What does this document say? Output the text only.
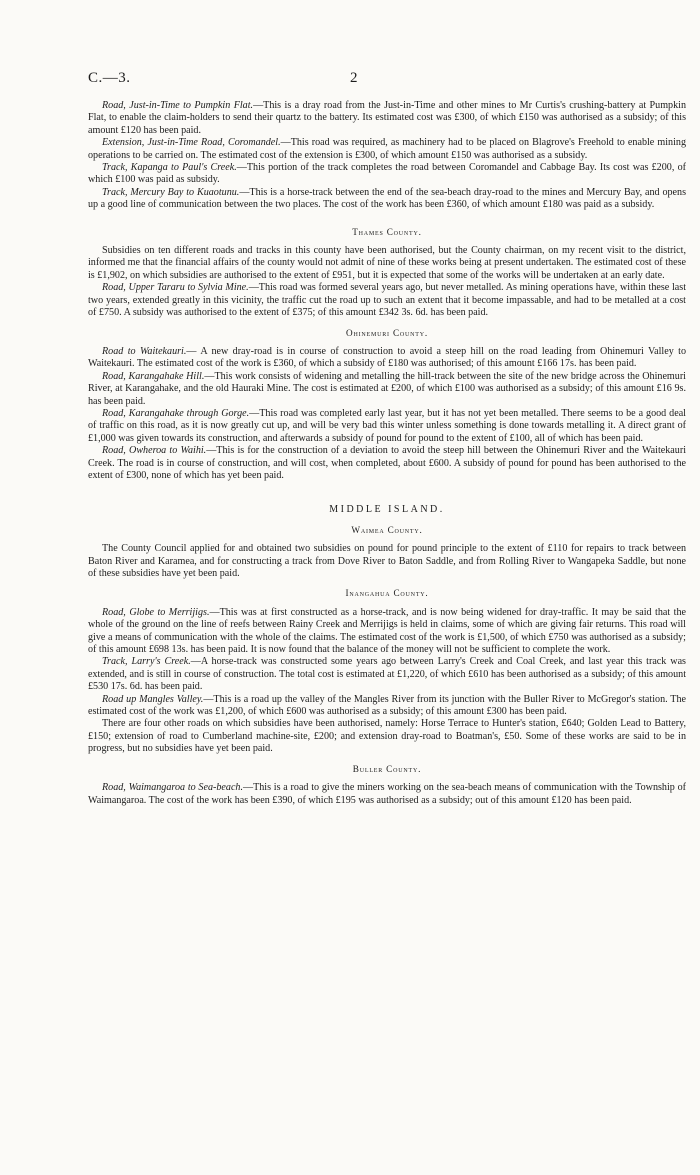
C.—3.	2

Road, Just-in-Time to Pumpkin Flat.—This is a dray road from the Just-in-Time and other mines to Mr Curtis's crushing-battery at Pumpkin Flat, to enable the claim-holders to send their quartz to the battery. Its estimated cost was £300, of which £150 was authorised as a subsidy; of this amount £120 has been paid.

Extension, Just-in-Time Road, Coromandel.—This road was required, as machinery had to be placed on Blagrove's Freehold to enable mining operations to be carried on. The estimated cost of the extension is £300, of which amount £150 was authorised as a subsidy.

Track, Kapanga to Paul's Creek.—This portion of the track completes the road between Coromandel and Cabbage Bay. Its cost was £200, of which £100 was paid as subsidy.

Track, Mercury Bay to Kuaotunu.—This is a horse-track between the end of the sea-beach dray-road to the mines and Mercury Bay, and opens up a good line of communication between the two places. The cost of the work has been £360, of which amount £180 was paid as a subsidy.

Thames County.

Subsidies on ten different roads and tracks in this county have been authorised, but the County chairman, on my recent visit to the district, informed me that the financial affairs of the county would not admit of nine of these works being at present undertaken. The estimated cost of these is £1,902, on which subsidies are authorised to the extent of £951, but it is expected that some of the works will be undertaken at an early date.

Road, Upper Tararu to Sylvia Mine.—This road was formed several years ago, but never metalled. As mining operations have, within these last two years, extended greatly in this vicinity, the traffic cut the road up to such an extent that it become impassable, and had to be metalled at a cost of £750. A subsidy was authorised to the extent of £375; of this amount £342 3s. 6d. has been paid.

Ohinemuri County.

Road to Waitekauri.— A new dray-road is in course of construction to avoid a steep hill on the road leading from Ohinemuri Valley to Waitekauri. The estimated cost of the work is £360, of which a subsidy of £180 was authorised; of this amount £166 17s. has been paid.

Road, Karangahake Hill.—This work consists of widening and metalling the hill-track between the site of the new bridge across the Ohinemuri River, at Karangahake, and the old Hauraki Mine. The cost is estimated at £200, of which £100 was authorised as a subsidy; of this amount £16 9s. has been paid.

Road, Karangahake through Gorge.—This road was completed early last year, but it has not yet been metalled. There seems to be a good deal of traffic on this road, as it is now greatly cut up, and will be very bad this winter unless something is done towards metalling it. A direct grant of £1,000 was given towards its construction, and afterwards a subsidy of pound for pound to the extent of £100, all of which has been paid.

Road, Owheroa to Waihi.—This is for the construction of a deviation to avoid the steep hill between the Ohinemuri River and the Waitekauri Creek. The road is in course of construction, and will cost, when completed, about £600. A subsidy of pound for pound has been authorised to the extent of £300, none of which has yet been paid.

MIDDLE ISLAND.
Waimea County.

The County Council applied for and obtained two subsidies on pound for pound principle to the extent of £110 for repairs to track between Baton River and Karamea, and for constructing a track from Dove River to Baton Saddle, and from Rolling River to Wangapeka Saddle, but none of these subsidies have yet been paid.

Inangahua County.

Road, Globe to Merrijigs.—This was at first constructed as a horse-track, and is now being widened for dray-traffic. It may be said that the whole of the ground on the line of reefs between Rainy Creek and Merrijigs is held in claims, some of which are giving fair returns. This road will give a means of communication with the whole of the claims. The estimated cost of the work is £1,500, of which £750 was authorised as a subsidy; of this amount £698 13s. has been paid. It is now found that the balance of the money will not be sufficient to complete the work.

Track, Larry's Creek.—A horse-track was constructed some years ago between Larry's Creek and Coal Creek, and last year this track was extended, and is still in course of construction. The total cost is estimated at £1,220, of which £610 has been authorised as a subsidy; of this amount £530 17s. 6d. has been paid.

Road up Mangles Valley.—This is a road up the valley of the Mangles River from its junction with the Buller River to McGregor's station. The estimated cost of the work was £1,200, of which £600 was authorised as a subsidy; of this amount £300 has been paid.

There are four other roads on which subsidies have been authorised, namely: Horse Terrace to Hunter's station, £640; Golden Lead to Battery, £150; extension of road to Cumberland machine-site, £200; and extension dray-road to Boatman's, £50. Some of these works are said to be in progress, but no subsidies have yet been paid.

Buller County.

Road, Waimangaroa to Sea-beach.—This is a road to give the miners working on the sea-beach means of communication with the Township of Waimangaroa. The cost of the work has been £390, of which £195 was authorised as a subsidy; out of this amount £120 has been paid.
